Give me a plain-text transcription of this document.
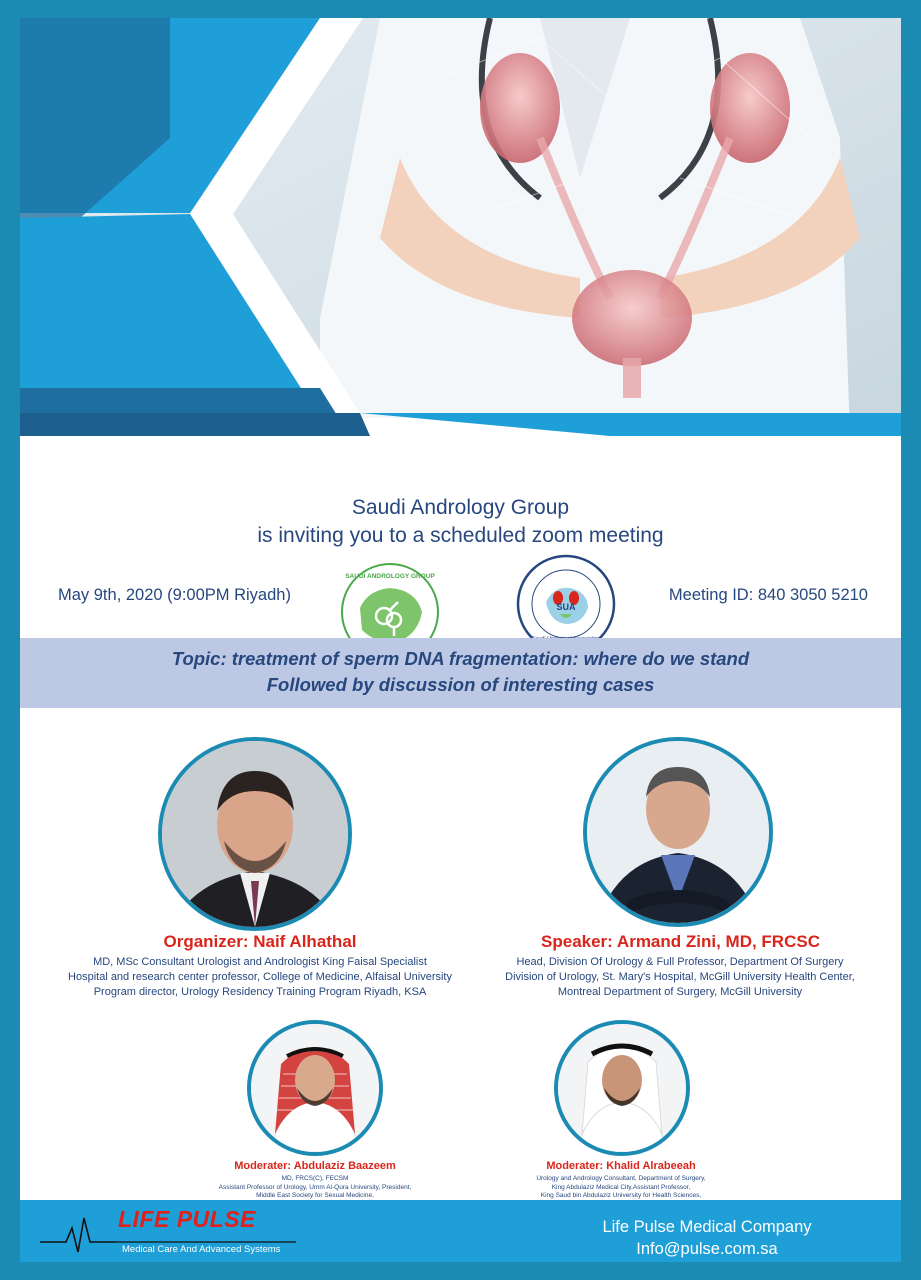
Saudi Andrology Group
is inviting you to a scheduled zoom meeting
May 9th, 2020 (9:00PM Riyadh)	Meeting ID: 840 3050 5210
SAUDI ANDROLOGY GROUP
SUA
Topic: treatment of sperm DNA fragmentation: where do we stand
Followed by discussion of interesting cases
Organizer: Naif Alhathal
MD, MSc Consultant Urologist and Andrologist King Faisal Specialist
Hospital and research center professor, College of Medicine, Alfaisal University
Program director, Urology Residency Training Program Riyadh, KSA
Speaker: Armand Zini, MD, FRCSC
Head, Division Of Urology & Full Professor, Department Of Surgery
Division of Urology, St. Mary's Hospital, McGill University Health Center,
Montreal Department of Surgery, McGill University
Moderater: Abdulaziz Baazeem
MD, FRCS(C), FECSM
Assistant Professor of Urology, Umm Al-Qura University, President,
Middle East Society for Sexual Medicine,
Moderater: Khalid Alrabeeah
Urology and Andrology Consultant, Department of Surgery,
King Abdulaziz Medical City,Assistant Professor,
King Saud bin Abdulaziz University for Health Sciences,
LIFE PULSE
Medical Care And Advanced Systems
Life Pulse Medical Company
Info@pulse.com.sa
